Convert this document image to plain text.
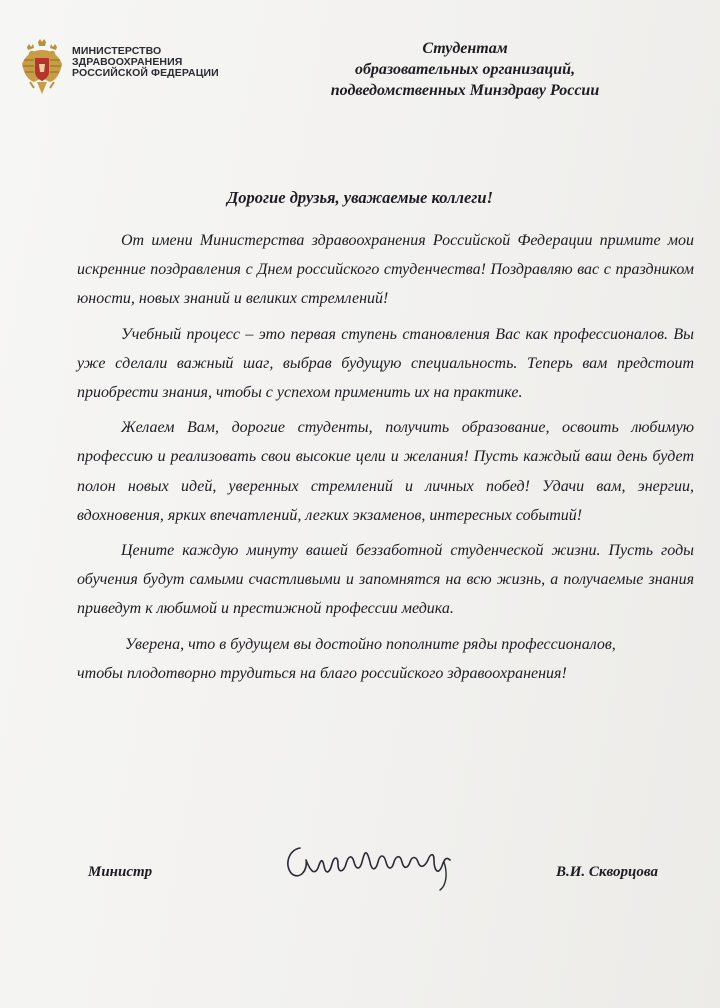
МИНИСТЕРСТВО
ЗДРАВООХРАНЕНИЯ
РОССИЙСКОЙ ФЕДЕРАЦИИ
Студентам
образовательных организаций,
подведомственных Минздраву России
Дорогие друзья, уважаемые коллеги!

От имени Министерства здравоохранения Российской Федерации примите мои искренние поздравления с Днем российского студенчества! Поздравляю вас с праздником юности, новых знаний и великих стремлений!

Учебный процесс – это первая ступень становления Вас как профессионалов. Вы уже сделали важный шаг, выбрав будущую специальность. Теперь вам предстоит приобрести знания, чтобы с успехом применить их на практике.

Желаем Вам, дорогие студенты, получить образование, освоить любимую профессию и реализовать свои высокие цели и желания! Пусть каждый ваш день будет полон новых идей, уверенных стремлений и личных побед! Удачи вам, энергии, вдохновения, ярких впечатлений, легких экзаменов, интересных событий!

Цените каждую минуту вашей беззаботной студенческой жизни. Пусть годы обучения будут самыми счастливыми и запомнятся на всю жизнь, а получаемые знания приведут к любимой и престижной профессии медика.

Уверена, что в будущем вы достойно пополните ряды профессионалов,
чтобы плодотворно трудиться на благо российского здравоохранения!

Министр	В.И. Скворцова
